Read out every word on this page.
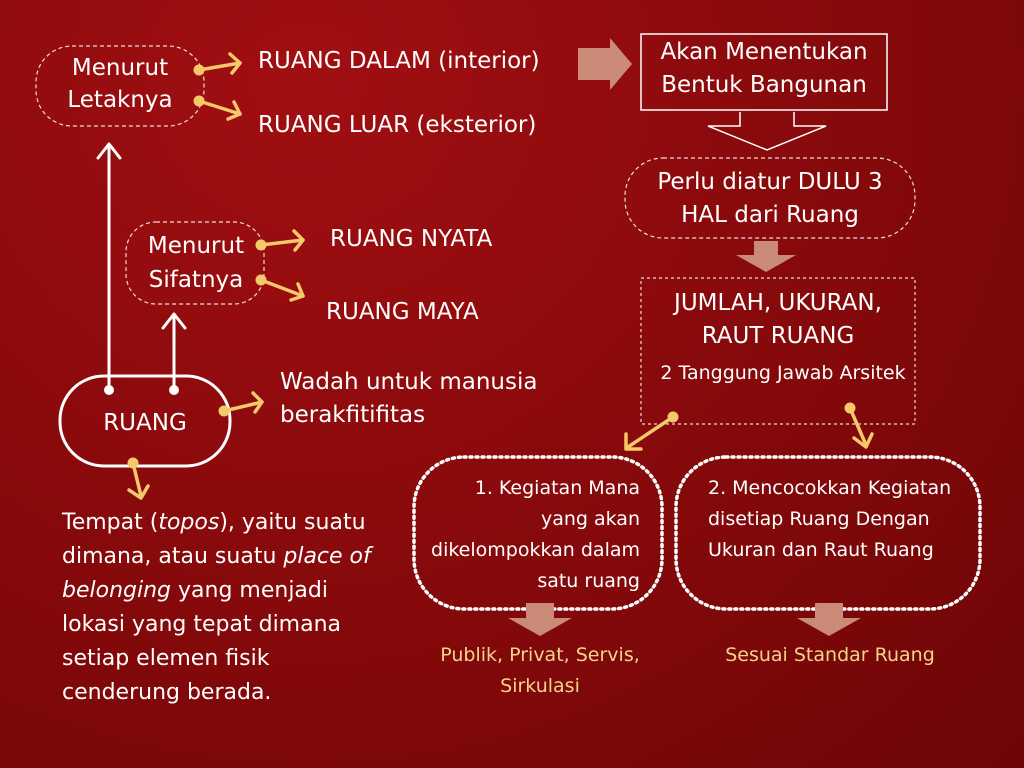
Menurut Letaknya
RUANG DALAM (interior)
RUANG LUAR (eksterior)
Menurut Sifatnya
RUANG NYATA
RUANG MAYA
RUANG
Wadah untuk manusia berakfitifitas
Tempat (topos), yaitu suatu dimana, atau suatu place of belonging yang menjadi lokasi yang tepat dimana setiap elemen fisik cenderung berada.
Akan Menentukan Bentuk Bangunan
Perlu diatur DULU 3 HAL dari Ruang
JUMLAH, UKURAN, RAUT RUANG
2 Tanggung Jawab Arsitek
1. Kegiatan Mana yang akan dikelompokkan dalam satu ruang
2. Mencocokkan Kegiatan disetiap Ruang Dengan Ukuran dan Raut Ruang
Publik, Privat, Servis, Sirkulasi
Sesuai Standar Ruang
